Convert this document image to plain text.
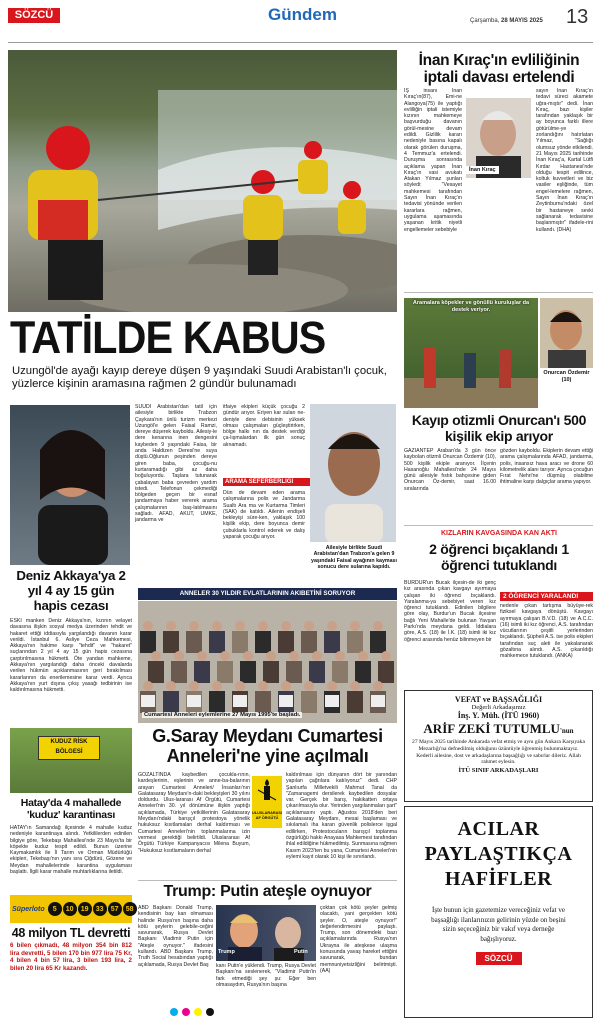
SÖZCÜ	Gündem	Çarşamba, 28 MAYIS 2025 13
TATİLDE KABUS
Uzungöl'de ayağı kayıp dereye düşen 9 yaşındaki Suudi Arabistan'lı çocuk, yüzlerce kişinin aramasına rağmen 2 gündür bulunamadı
SUUDİ Arabistan'dan tatil için ailesiyle birlikte Trabzon Çaykara'nın ünlü turizm merkezi Uzungöl'e gelen Faisal Ramzi, dereye düşerek kayboldu. Ailesiy-le dere kenarına inen dengesini kaybeden 9 yaşındaki Faisa, bir anda Haldizen Deresi'ne suya düştü.Oğlunun peşinden dereye giren baba, çocuğu-nu kurtaramadığı gibi az daha boğuluyordu. Taşlara tutunarak çabalayan baba çevreden yardım istedi. Telefonun çekmediği bölgeden geçen bir esnaf jandarmaya haber vererek arama çalışmalarının baş-latılmasını sağladı. AFAD, AKUT, UMKE, jandarma ve
itfaiye ekipleri küçük çocuğu 2 gündür arıyor. Eriyen kar suları ne-deniyle dere debisinin yüksek olması çalışmaları güçleştirirken, bölge halkı nın da destek verdiği ça-lışmalardan ilk gün sonuç alınamadı.
ARAMA SEFERBERLİĞİ
Dün de devam eden arama çalışmalarına polis ve Jandarma Sualtı Ara ma ve Kurtarma Timleri (SAK) de katıldı. Ailenin endişeli bekleyişi süre-ken, yaklaşık 100 kişilik ekip, dere boyunca demir çubuklarla kontrol ederek ve dalış yaparak çocuğu arıyor.
Ailesiyle birlikte Suudi Arabistan'dan Trabzon'a gelen 9 yaşındaki Faisal ayağının kayması sonucu dere sularına kapıldı.
İnan Kıraç'ın evliliğinin iptali davası ertelendi
İŞ insanı İnan Kıraç'ın(87), Emi-ne Alangoya(75) ile yaptığı evlilliğin iptali istemiyle kızının mahkemeye başvurduğu davanın görül-mesine devam edildi. Gizlilik kararı nedeniyle basına kapalı olarak görülen duruşma, 4 Temmuz'a ertelendi. Duruşma sonrasında açıklama yapan İnan Kıraç'ın vasi avukatı Atakan Yılmaz şunları söyledi: "Vesayet mahkemesi tarafından Sayın İnan Kıraç'ın tedavisi yönünde verilen kararlara rağmen, uygulama aşamasında yaşanan kritik niyetli engellemeler sebebiyle
İnan Kıraç
sayın İnan Kıraç'ın tedavi süreci akamete uğra-mıştır" dedi. İnan Kıraç, bazı kişiler tarafından yaklaşık bir ay boyunca farklı illere götürülme-ye zorlandığını hatırlatan Yılmaz, "Sağlığı olumsuz yönde etkilendi. 21 Mayıs 2025 tarihinde İnan Kıraç'a, Kartal Lütfi Kırdar Hastanesi'nde olduğu tespit edilince, koltuk kuvvetleri ve biz vasiler eşliğinde, tüm engel-lemelere rağmen, Sayın İnan Kıraç'ın Zeytinburnu'ndaki özel bir hastaneye sevki sağlanarak tedavisine başlanmıştır" ifadele-rini kullandı. (DHA)
Aramalara köpekler ve gönüllü kuruluşlar da destek veriyor.
Onurcan Özdemir (10)
Kayıp otizmli Onurcan'ı 500 kişilik ekip arıyor
GAZİANTEP Araban'da 3 gün önce kaybolan otizmli Onurcan Özdemir (10), 500 kişilik ekiple aranıyor. İlçenin Hasanoğlu Mahallesi'nde 24 Mayıs günü ailesiyle fıstık bahçesine giden Onurcan Öz-demir, saat 16.00 sıralarında
gözden kayboldu. Ekiplerin devam ettiği arama çalışmalarında AFAD, jandarma, polis, insansız hava aracı ve drone 60 kilometrelik alanı tarıyor. Ayrıca çocuğun Fırat Nehri'ne düşmüş olabilme ihtimaline karşı dalgıçlar arama yapıyor.
KIZLARIN KAVGASINDA KAN AKTI
2 öğrenci bıçaklandı 1 öğrenci tutuklandı
BURDUR'un Bucak ilçesin-de iki genç kız arasında çıkan kavgayı ayırmaya çalışan iki öğrenci bıçaklandı. Yaralanma-ya sebebiyet veren kız öğrenci tutuklandı. Edinilen bilgilere göre olay, Burdur'un Bucak ilçesine bağlı Yeni Mahalle'de bulunan Yavşan Parkı'nda meydana geldi. İddialara göre, A.S. (18) ile İ.K. (18) isimli iki kız öğrenci arasında henüz bilinmeyen bir
2 ÖĞRENCİ YARALANDI
nedenle çıkan tartışma büyüye-rek fiziksel kavgaya dönüştü. Kavgayı ayırmaya çalışan B.V.D. (18) ve A.C.C. (16) isimli iki kız öğrenci, A.S. tarafından vücutlarının çeşitli yerlerinden bıçaklandı. Şüpheli A.S. ise polis ekipleri tarafından suç aleti ile yakalanarak gözaltına alındı. A.S. çıkarıldığı mahkemece tutuklandı. (ANKA)
Deniz Akkaya'ya 2 yıl 4 ay 15 gün hapis cezası
ESKİ manken Deniz Akkaya'nın, kızının velayet davasına ilişkin sosyal medya üzerinden tehdit ve hakaret ettiği iddiasıyla yargılandığı davanın karar verildi. İstanbul 6. Asliye Ceza Mahkemesi, Akkaya'nın hakime karşı "tehdit" ve "hakaret" suçlarından 2 yıl 4 ay 15 gün hapis cezasına çarptırılmasına hükmetti. Öte yandan mahkeme, Akkaya'nın yargılandığı daha önceki davalarda verilen hükmün açıklanmasının geri bırakılması kararlarının da enerilemesine karar verdi. Ayrıca Akkaya'nın yurt dışına çıkış yasağı tedbirinin ise kaldırılmasına hükmetti.
KUDUZ RİSK
BÖLGESİ
Hatay'da 4 mahallede 'kuduz' karantinası
HATAY'ın Samandağ ilçesinde 4 mahalle kuduz nedeniyle karantinaya alındı. Yetkililerden edinilen bilgiye göre, Tekebaşı Mahallesi'nde 23 Mayıs'ta bir köpekte kuduz tespit edildi. Bunun üzerine Kaymakamlık ile İl Tarım ve Orman Müdürlüğü ekipleri, Tekebaşı'nın yanı sıra Çiğdürü, Gözene ve Meydan mahallelerinde karantina uygulaması başlattı. İlgili karar mahalle muhtarlıklarına iletildi.
Süperloto	5	10	19	33	57	58
48 milyon TL devretti
6 bilen çıkmadı, 48 milyon 354 bin 812 lira devretti, 5 bilen 170 bin 977 lira 75 Kr, 4 bilen 4 bin 57 lira, 3 bilen 193 lira, 2 bilen 20 lira 65 Kr kazandı.
ANNELER 30 YILDIR EVLATLARININ AKIBETİNİ SORUYOR
Cumartesi Anneleri eylemlerine 27 Mayıs 1995'te başladı.
G.Saray Meydanı Cumartesi Anneleri'ne yine açılmalı
GÖZALTINDA kaybedilen çocukla-rının, kardeşlerinin, eşlerinin ve anne-ba-balarının arayan Cumartesi Anneleri/ İnsanları'nın Galatasaray Meydanı'n-daki bekleyişleri 30 yılını doldurdu. Ulus-lararası Af Örgütü, Cumartesi Anneleri'nin 30. yıl dönümüne ilişkin yaptığı açıklamada, Türkiye yetkililerinin Galatasaray Meydanı'ndaki barışçıl protestoya yönelik hukuksuz kısıtlamaları derhal kaldırması ve Cumartesi Anneleri'nin toplanmalarına izin vermesi gerektiği belirtildi. Uluslararası Af Örgütü Türkiye Kampanyacısı Milena Buyum, "Hukuksuz kısıtlamaların derhal
ULUSLARARASI AF ÖRGÜTÜ
kaldırılması için dünyanın dört bir yanından yapılan çağrılara katılıyoruz" dedi. CHP Şanlıurfa Milletvekili Mahmut Tanal da "Zamanagemi dersilerek kaybedilen dosyalar var. Gerçek bir barış, hakikatten ortaya çıkarılmasıyla olur. Yerinden yargılanmaları şart" açıklamasını yaptı. Ağustos 2018'den beri Galatasaray Meydanı, mesai başlaması ve sıkılamalı iha karan güvenlik polislerce işgal edilirken, Protestocuların barışçıl toplanma özgürlüğü hakkı Anayasa Mahkemesi tarafından ihlal edildiğine hükmedilmiş. Sunmasına rağmen Kasım 2023'ten bu yana, Cumartesi Anneleri'nin eylemi kayıt olarak 10 kişi ile sınırlandı.
Trump: Putin ateşle oynuyor
ABD Başkanı Donald Trump, kendisinin bay kan olmaması halinde Rusya'nın başına daha kötü şeylerin gelebile-ceğini savunarak, Rusya Devlet Başkanı Vladimir Putin için "Ateşle oynuyor." ifadesini kullandı. ABD Başkanı Trump, Truth Social hesabından yaptığı açıklamada, Rusya Devlet Baş
Trump	Putin
kanı Putin'e yüklendi. Trump, Rusya Devlet Başkanı'na seslenerek, "Vladimir Putin'in fark etmediği şey şu: Eğer ben olmasaydım, Rusya'nın başına
çoktan çok kötü şeyler gelmiş olacaktı, yani gerçekten kötü şeyler. O, ateşle oynuyor!" değerlendirmesini paylaştı. Trump, son dönemdeki bazı açıklamalarında Rusya'nın Ukrayna ile ateşkese ulaşma konusunda yavaş hareket ettiğini savunarak, bundan memnuniyetsizliğini belirtmişti. (AA)
VEFAT ve BAŞSAĞLIĞI
Değerli Arkadaşımız
İnş. Y. Müh. (İTÜ 1960)
ARİF ZEKİ TUTUMLU'nun
27 Mayıs 2025 tarihinde Ankarada vefat etmiş ve aynı gün Ankara Karşıyaka Mezarlığı'na defnedilmiş olduğunu üzüntüyle öğrenmiş bulunmaktayız. Kederli ailesine, dost ve arkadaşlarına başsağlığı ve sabırlar dileriz. Allah rahmet eylesin.
İTÜ SINIF ARKADAŞLARI
ACILAR PAYLAŞTIKÇA HAFİFLER
İşte bunun için gazetemize vereceğiniz vefat ve başsağlığı ilanlarınızın gelirinin yüzde on beşini sizin seçeceğiniz bir vakıf veya derneğe bağışlıyoruz.
SÖZCÜ
